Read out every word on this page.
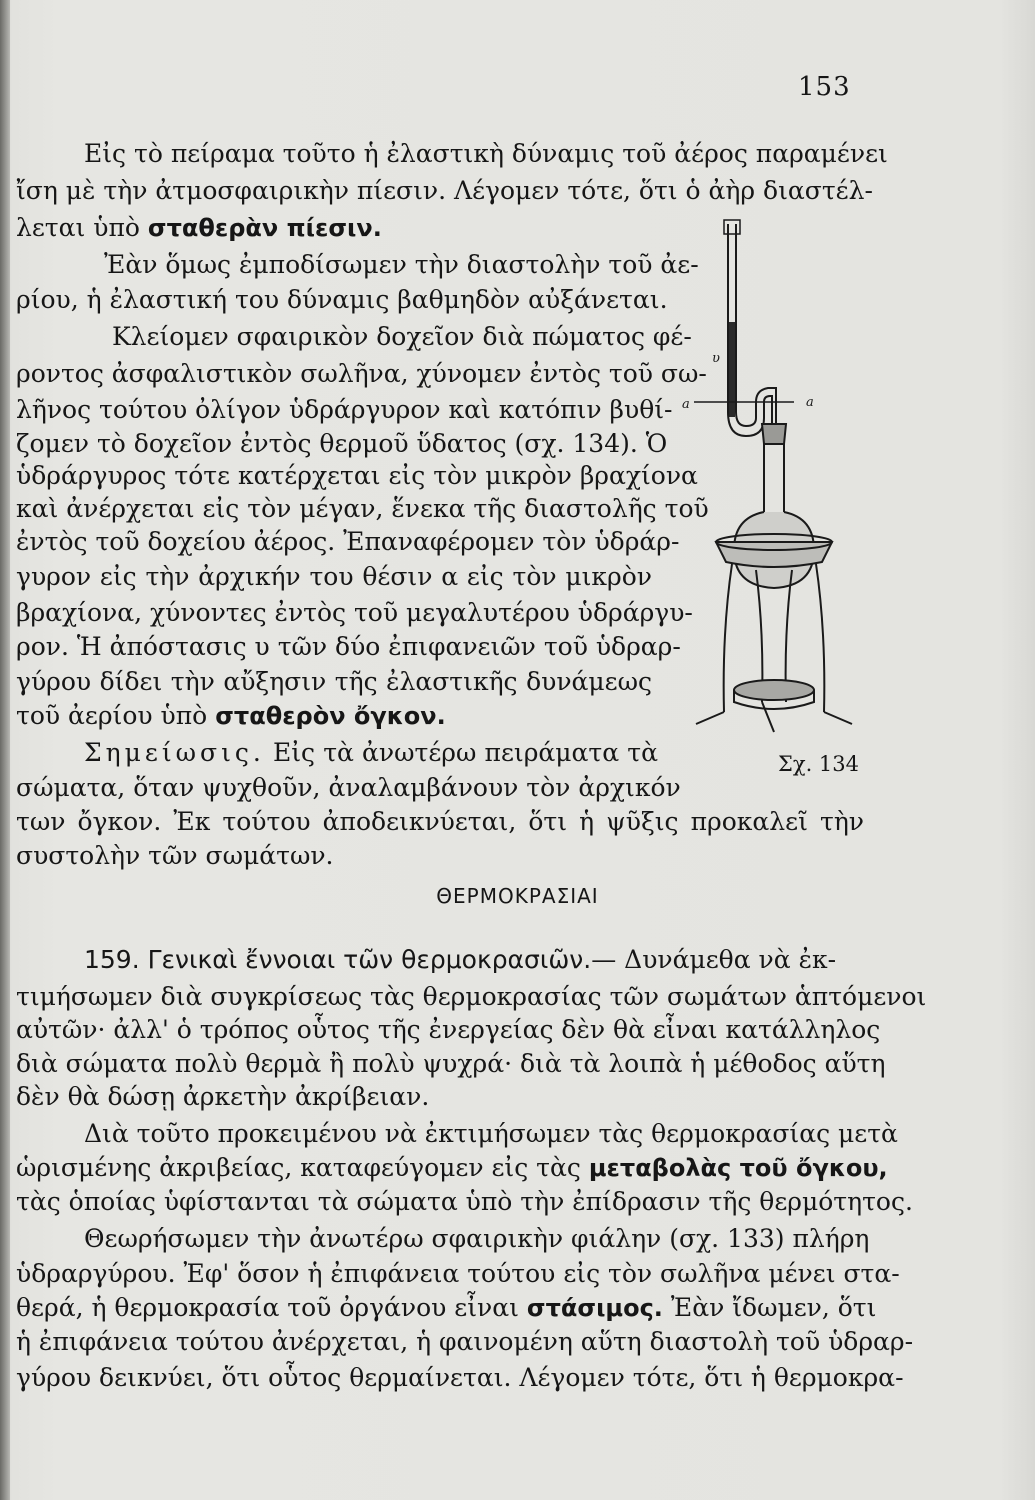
153
Εἰς τὸ πείραμα τοῦτο ἡ ἐλαστικὴ δύναμις τοῦ ἀέρος παραμένει
ἴση μὲ τὴν ἀτμοσφαιρικὴν πίεσιν. Λέγομεν τότε, ὅτι ὁ ἀὴρ διαστέλ-
λεται ὑπὸ σταθερὰν πίεσιν.
Ἐὰν ὅμως ἐμποδίσωμεν τὴν διαστολὴν τοῦ ἀε-
ρίου, ἡ ἐλαστική του δύναμις βαθμηδὸν αὐξάνεται.
Κλείομεν σφαιρικὸν δοχεῖον διὰ πώματος φέ-
ροντος ἀσφαλιστικὸν σωλῆνα, χύνομεν ἐντὸς τοῦ σω-
λῆνος τούτου ὀλίγον ὑδράργυρον καὶ κατόπιν βυθί-
ζομεν τὸ δοχεῖον ἐντὸς θερμοῦ ὕδατος (σχ. 134). Ὁ
ὑδράργυρος τότε κατέρχεται εἰς τὸν μικρὸν βραχίονα
καὶ ἀνέρχεται εἰς τὸν μέγαν, ἕνεκα τῆς διαστολῆς τοῦ
ἐντὸς τοῦ δοχείου ἀέρος. Ἐπαναφέρομεν τὸν ὑδράρ-
γυρον εἰς τὴν ἀρχικήν του θέσιν α εἰς τὸν μικρὸν
βραχίονα, χύνοντες ἐντὸς τοῦ μεγαλυτέρου ὑδράργυ-
ρον. Ἡ ἀπόστασις υ τῶν δύο ἐπιφανειῶν τοῦ ὑδραρ-
γύρου δίδει τὴν αὔξησιν τῆς ἐλαστικῆς δυνάμεως
τοῦ ἀερίου ὑπὸ σταθερὸν ὄγκον.
Σημείωσις. Εἰς τὰ ἀνωτέρω πειράματα τὰ
σώματα, ὅταν ψυχθοῦν, ἀναλαμβάνουν τὸν ἀρχικόν
των ὄγκον. Ἐκ τούτου ἀποδεικνύεται, ὅτι ἡ ψῦξις προκαλεῖ τὴν
συστολὴν τῶν σωμάτων.
υ
a	a
Σχ. 134
ΘΕΡΜΟΚΡΑΣΙΑΙ
159. Γενικαὶ ἔννοιαι τῶν θερμοκρασιῶν.— Δυνάμεθα νὰ ἐκ-
τιμήσωμεν διὰ συγκρίσεως τὰς θερμοκρασίας τῶν σωμάτων ἁπτόμενοι
αὐτῶν· ἀλλ' ὁ τρόπος οὗτος τῆς ἐνεργείας δὲν θὰ εἶναι κατάλληλος
διὰ σώματα πολὺ θερμὰ ἢ πολὺ ψυχρά· διὰ τὰ λοιπὰ ἡ μέθοδος αὕτη
δὲν θὰ δώσῃ ἀρκετὴν ἀκρίβειαν.
Διὰ τοῦτο προκειμένου νὰ ἐκτιμήσωμεν τὰς θερμοκρασίας μετὰ
ὡρισμένης ἀκριβείας, καταφεύγομεν εἰς τὰς μεταβολὰς τοῦ ὄγκου,
τὰς ὁποίας ὑφίστανται τὰ σώματα ὑπὸ τὴν ἐπίδρασιν τῆς θερμότητος.
Θεωρήσωμεν τὴν ἀνωτέρω σφαιρικὴν φιάλην (σχ. 133) πλήρη
ὑδραργύρου. Ἐφ' ὅσον ἡ ἐπιφάνεια τούτου εἰς τὸν σωλῆνα μένει στα-
θερά, ἡ θερμοκρασία τοῦ ὀργάνου εἶναι στάσιμος. Ἐὰν ἴδωμεν, ὅτι
ἡ ἐπιφάνεια τούτου ἀνέρχεται, ἡ φαινομένη αὕτη διαστολὴ τοῦ ὑδραρ-
γύρου δεικνύει, ὅτι οὗτος θερμαίνεται. Λέγομεν τότε, ὅτι ἡ θερμοκρα-
